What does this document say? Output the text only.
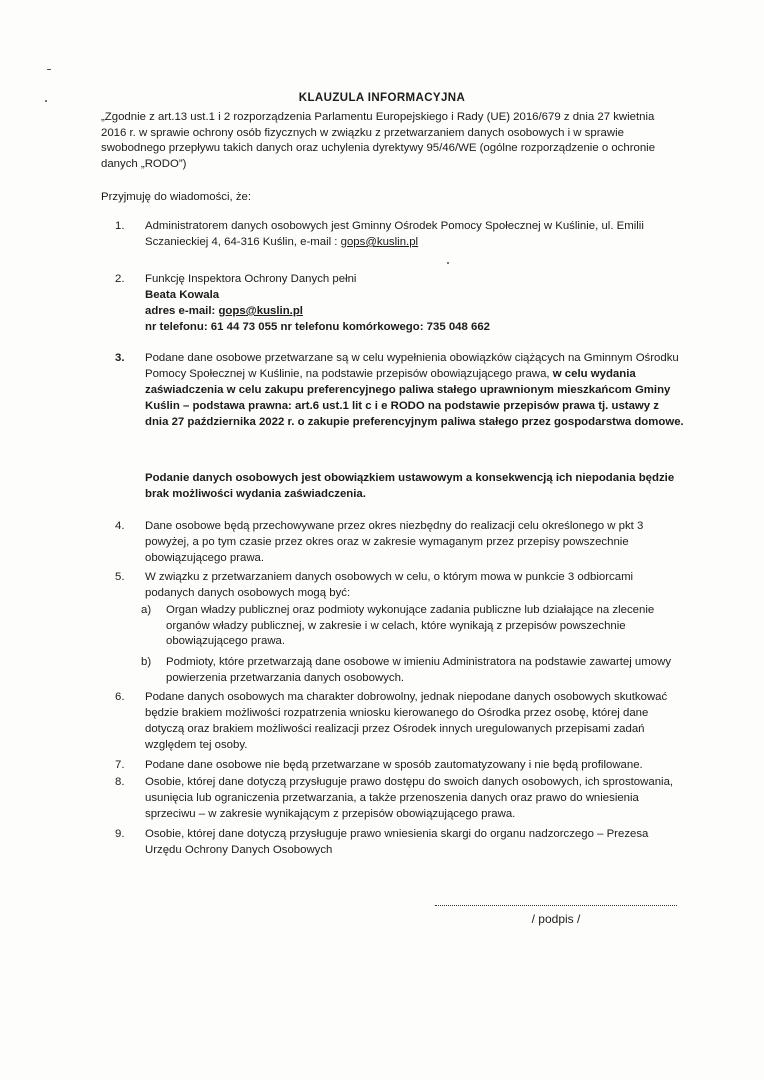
KLAUZULA INFORMACYJNA

„Zgodnie z art.13 ust.1 i 2 rozporządzenia Parlamentu Europejskiego i Rady (UE) 2016/679 z dnia 27 kwietnia 2016 r. w sprawie ochrony osób fizycznych w związku z przetwarzaniem danych osobowych i w sprawie swobodnego przepływu takich danych oraz uchylenia dyrektywy 95/46/WE (ogólne rozporządzenie o ochronie danych „RODO”)

Przyjmuję do wiadomości, że:

1.	Administratorem danych osobowych jest Gminny Ośrodek Pomocy Społecznej w Kuślinie, ul. Emilii Sczanieckiej 4, 64-316 Kuślin, e-mail : gops@kuslin.pl
2.	Funkcję Inspektora Ochrony Danych pełni
Beata Kowala
adres e-mail: gops@kuslin.pl
nr telefonu: 61 44 73 055 nr telefonu komórkowego: 735 048 662
3.	Podane dane osobowe przetwarzane są w celu wypełnienia obowiązków ciążących na Gminnym Ośrodku Pomocy Społecznej w Kuślinie, na podstawie przepisów obowiązującego prawa, w celu wydania zaświadczenia w celu zakupu preferencyjnego paliwa stałego uprawnionym mieszkańcom Gminy Kuślin – podstawa prawna: art.6 ust.1 lit c i e RODO na podstawie przepisów prawa tj. ustawy z dnia 27 października 2022 r. o zakupie preferencyjnym paliwa stałego przez gospodarstwa domowe.
Podanie danych osobowych jest obowiązkiem ustawowym a konsekwencją ich niepodania będzie brak możliwości wydania zaświadczenia.
4.	Dane osobowe będą przechowywane przez okres niezbędny do realizacji celu określonego w pkt 3 powyżej, a po tym czasie przez okres oraz w zakresie wymaganym przez przepisy powszechnie obowiązującego prawa.
5.	W związku z przetwarzaniem danych osobowych w celu, o którym mowa w punkcie 3 odbiorcami podanych danych osobowych mogą być:
a) Organ władzy publicznej oraz podmioty wykonujące zadania publiczne lub działające na zlecenie organów władzy publicznej, w zakresie i w celach, które wynikają z przepisów powszechnie obowiązującego prawa.
b) Podmioty, które przetwarzają dane osobowe w imieniu Administratora na podstawie zawartej umowy powierzenia przetwarzania danych osobowych.
6.	Podane danych osobowych ma charakter dobrowolny, jednak niepodane danych osobowych skutkować będzie brakiem możliwości rozpatrzenia wniosku kierowanego do Ośrodka przez osobę, której dane dotyczą oraz brakiem możliwości realizacji przez Ośrodek innych uregulowanych przepisami zadań względem tej osoby.
7.	Podane dane osobowe nie będą przetwarzane w sposób zautomatyzowany i nie będą profilowane.
8.	Osobie, której dane dotyczą przysługuje prawo dostępu do swoich danych osobowych, ich sprostowania, usunięcia lub ograniczenia przetwarzania, a także przenoszenia danych oraz prawo do wniesienia sprzeciwu – w zakresie wynikającym z przepisów obowiązującego prawa.
9.	Osobie, której dane dotyczą przysługuje prawo wniesienia skargi do organu nadzorczego – Prezesa Urzędu Ochrony Danych Osobowych
/ podpis /
